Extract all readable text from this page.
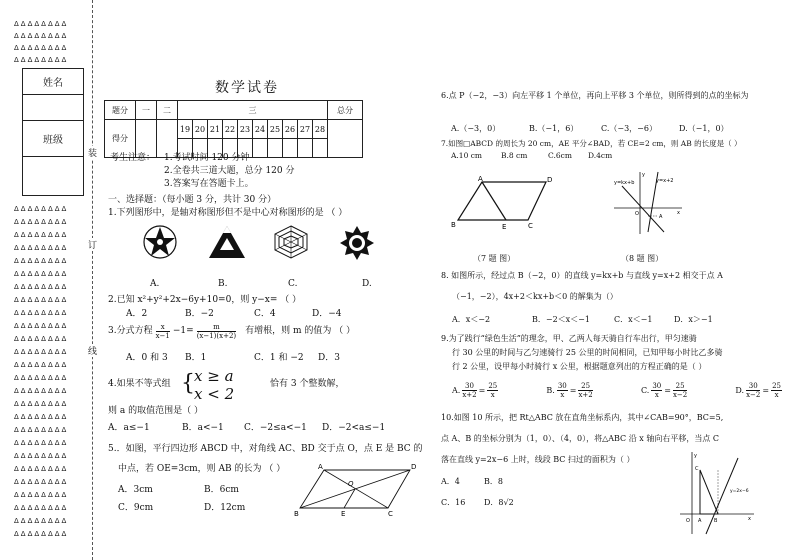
ΔΔΔΔΔΔΔΔ
ΔΔΔΔΔΔΔΔ
ΔΔΔΔΔΔΔΔ
ΔΔΔΔΔΔΔΔ
ΔΔΔΔΔΔΔΔ
ΔΔΔΔΔΔΔΔ
ΔΔΔΔΔΔΔΔ
ΔΔΔΔΔΔΔΔ
ΔΔΔΔΔΔΔΔ
ΔΔΔΔΔΔΔΔ
ΔΔΔΔΔΔΔΔ
ΔΔΔΔΔΔΔΔ
ΔΔΔΔΔΔΔΔ
ΔΔΔΔΔΔΔΔ
ΔΔΔΔΔΔΔΔ
ΔΔΔΔΔΔΔΔ
ΔΔΔΔΔΔΔΔ
ΔΔΔΔΔΔΔΔ
ΔΔΔΔΔΔΔΔ
ΔΔΔΔΔΔΔΔ
ΔΔΔΔΔΔΔΔ
ΔΔΔΔΔΔΔΔ
ΔΔΔΔΔΔΔΔ
ΔΔΔΔΔΔΔΔ
ΔΔΔΔΔΔΔΔ
ΔΔΔΔΔΔΔΔ
ΔΔΔΔΔΔΔΔ
ΔΔΔΔΔΔΔΔ
ΔΔΔΔΔΔΔΔ
ΔΔΔΔΔΔΔΔ
装
订
线
姓名
班级
数学试卷
题分	一	二	三										总分
得分			19	20	21	22	23	24	25	26	27	28	

考生注意： 1.考试时间 120 分钟
2.全卷共三道大题，总分 120 分
3.答案写在答题卡上。
一、选择题：（每小题 3 分，共计 30 分）
1.下列图形中，是轴对称图形但不是中心对称图形的是 （ ）
A.	B.	C.	D.
2.已知 x²+y²+2x−6y+10=0，则 y−x= （ ）
A．2	B．−2	C．4	D．−4
3.分式方程 $\frac{x}{x-1} -1= \frac{m}{(x-1)(x+2)}$ 有增根，则 m 的值为 （ ）
A．0 和 3 B．1	C．1 和 −2 D．3
4.如果不等式组 { x ≥ a
x < 2
恰有 3 个整数解，
则 a 的取值范围是（ ）
A．a≤−1	B．a<−1 C．−2≤a<−1 D．−2<a≤−1
5.．如图，平行四边形 ABCD 中，对角线 AC、BD 交于点 O，点 E 是 BC 的
中点，若 OE=3cm，则 AB 的长为 （ ）
A．3cm	B．6cm
C．9cm	D．12cm
A	D
O
B	E	C
6.点 P（−2，−3）向左平移 1 个单位，再向上平移 3 个单位，则所得到的点的坐标为
A.（−3，0）	B.（−1，6）	C.（−3，−6）	D.（−1，0）
7.如图□ABCD 的周长为 20 cm，AE 平分∠BAD，若 CE=2 cm，则 AB 的长度是（ ）
A.10 cm	B.8 cm	C.6cm D.4cm
A	D
B	E	C
y
y=kx+b	y=x+2
A
O	x
（7 题 图）	（8 题 图）
8. 如图所示，经过点 B（−2，0）的直线 y=kx+b 与直线 y=x+2 相交于点 A
（−1，−2），4x+2＜kx+b＜0 的解集为（）
A．x＜−2	B．−2＜x＜−1	C．x＜−1	D．x＞−1
9.为了践行“绿色生活”的理念，甲、乙两人每天骑自行车出行，甲匀速骑
行 30 公里的时间与乙匀速骑行 25 公里的时间相同，已知甲每小时比乙多骑
行 2 公里，设甲每小时骑行 x 公里，根据题意列出的方程正确的是（ ）
A. $\frac{30}{x+2} = \frac{25}{x}$	B. $\frac{30}{x} = \frac{25}{x+2}$	C. $\frac{30}{x} = \frac{25}{x-2}$	D. $\frac{30}{x-2} = \frac{25}{x}$
10.如图 10 所示，把 Rt△ABC 放在直角坐标系内，其中∠CAB=90°，BC=5,
点 A、B 的坐标分别为（1，0）、（4，0），将△ABC 沿 x 轴向右平移，当点 C
落在直线 y=2x−6 上时，线段 BC 扫过的面积为（ ）
A．4	B．8
C．16 D．8√2
y
C
y=2x−6
O A	B	x
